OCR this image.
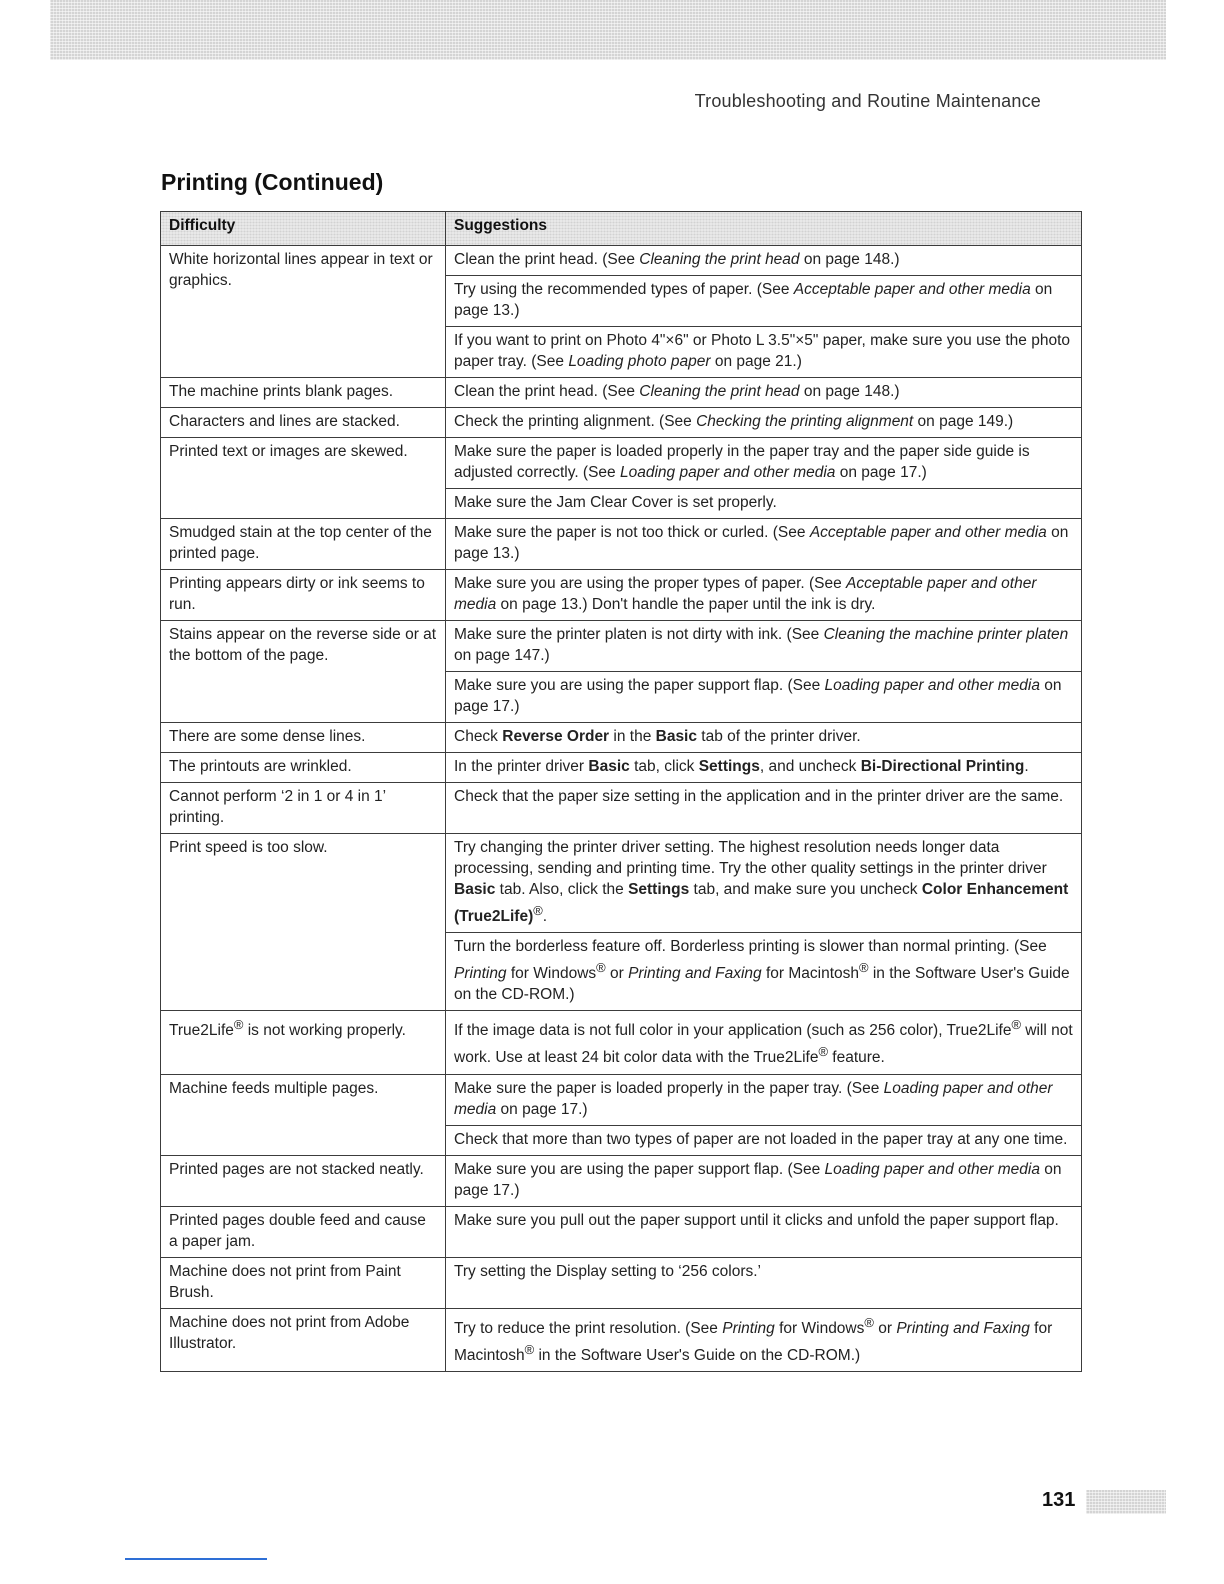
Troubleshooting and Routine Maintenance
Printing (Continued)
Difficulty	Suggestions
White horizontal lines appear in text or graphics.	Clean the print head. (See Cleaning the print head on page 148.)
	Try using the recommended types of paper. (See Acceptable paper and other media on page 13.)
	If you want to print on Photo 4"×6" or Photo L 3.5"×5" paper, make sure you use the photo paper tray. (See Loading photo paper on page 21.)
The machine prints blank pages.	Clean the print head. (See Cleaning the print head on page 148.)
Characters and lines are stacked.	Check the printing alignment. (See Checking the printing alignment on page 149.)
Printed text or images are skewed.	Make sure the paper is loaded properly in the paper tray and the paper side guide is adjusted correctly. (See Loading paper and other media on page 17.)
	Make sure the Jam Clear Cover is set properly.
Smudged stain at the top center of the printed page.	Make sure the paper is not too thick or curled. (See Acceptable paper and other media on page 13.)
Printing appears dirty or ink seems to run.	Make sure you are using the proper types of paper. (See Acceptable paper and other media on page 13.) Don't handle the paper until the ink is dry.
Stains appear on the reverse side or at the bottom of the page.	Make sure the printer platen is not dirty with ink. (See Cleaning the machine printer platen on page 147.)
	Make sure you are using the paper support flap. (See Loading paper and other media on page 17.)
There are some dense lines.	Check Reverse Order in the Basic tab of the printer driver.
The printouts are wrinkled.	In the printer driver Basic tab, click Settings, and uncheck Bi-Directional Printing.
Cannot perform ‘2 in 1 or 4 in 1’ printing.	Check that the paper size setting in the application and in the printer driver are the same.
Print speed is too slow.	Try changing the printer driver setting. The highest resolution needs longer data processing, sending and printing time. Try the other quality settings in the printer driver Basic tab. Also, click the Settings tab, and make sure you uncheck Color Enhancement (True2Life)®.
	Turn the borderless feature off. Borderless printing is slower than normal printing. (See Printing for Windows® or Printing and Faxing for Macintosh® in the Software User's Guide on the CD-ROM.)
True2Life® is not working properly.	If the image data is not full color in your application (such as 256 color), True2Life® will not work. Use at least 24 bit color data with the True2Life® feature.
Machine feeds multiple pages.	Make sure the paper is loaded properly in the paper tray. (See Loading paper and other media on page 17.)
	Check that more than two types of paper are not loaded in the paper tray at any one time.
Printed pages are not stacked neatly.	Make sure you are using the paper support flap. (See Loading paper and other media on page 17.)
Printed pages double feed and cause a paper jam.	Make sure you pull out the paper support until it clicks and unfold the paper support flap.
Machine does not print from Paint Brush.	Try setting the Display setting to ‘256 colors.’
Machine does not print from Adobe Illustrator.	Try to reduce the print resolution. (See Printing for Windows® or Printing and Faxing for Macintosh® in the Software User's Guide on the CD-ROM.)
131
